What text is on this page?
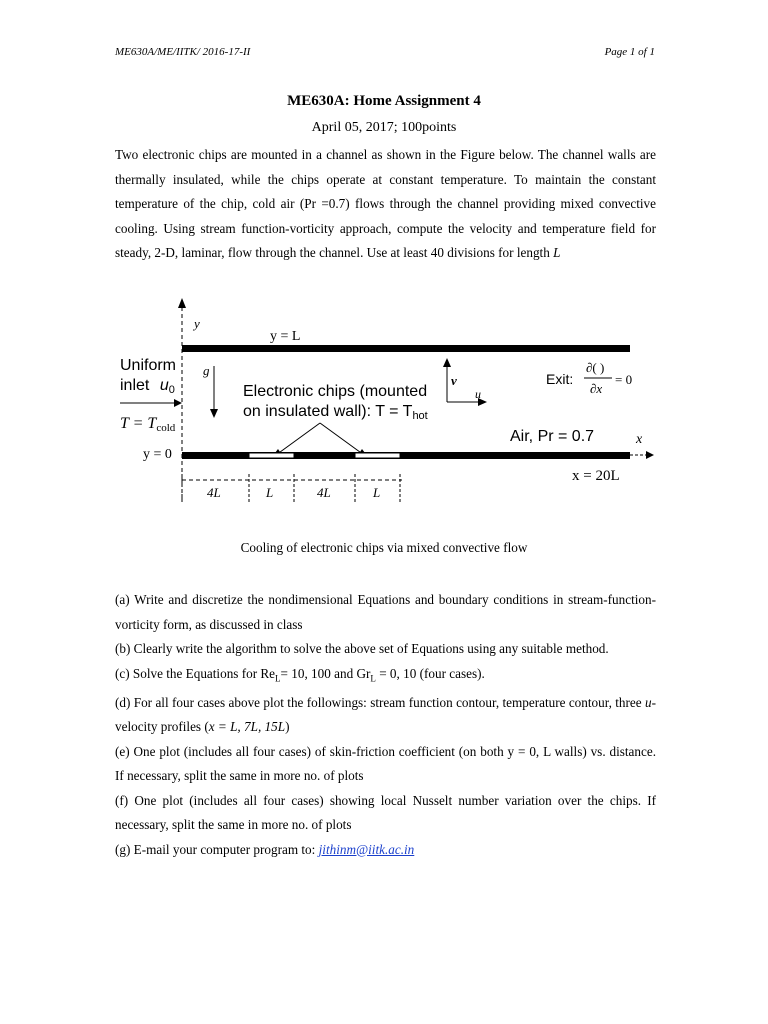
ME630A/ME/IITK/ 2016-17-II	Page 1 of 1
ME630A: Home Assignment 4
April 05, 2017; 100points
Two electronic chips are mounted in a channel as shown in the Figure below. The channel walls are thermally insulated, while the chips operate at constant temperature. To maintain the constant temperature of the chip, cold air (Pr =0.7) flows through the channel providing mixed convective cooling. Using stream function-vorticity approach, compute the velocity and temperature field for steady, 2-D, laminar, flow through the channel. Use at least 40 divisions for length L
y
y = L
Uniform
inlet u0
g
Electronic chips (mounted
on insulated wall): T = Thot
v
u
Exit:
∂( )
∂x
= 0
T = Tcold	Air, Pr = 0.7
y = 0
x
x = 20L
4L	L	4L	L
Cooling of electronic chips via mixed convective flow

(a) Write and discretize the nondimensional Equations and boundary conditions in stream-function-vorticity form, as discussed in class

(b) Clearly write the algorithm to solve the above set of Equations using any suitable method.

(c) Solve the Equations for $Re_L= 10$, 100 and $Gr_L = 0$, 10 (four cases).

(d) For all four cases above plot the followings: stream function contour, temperature contour, three u-velocity profiles (x = L, 7L, 15L)

(e) One plot (includes all four cases) of skin-friction coefficient (on both y = 0, L walls) vs. distance. If necessary, split the same in more no. of plots

(f) One plot (includes all four cases) showing local Nusselt number variation over the chips. If necessary, split the same in more no. of plots

(g) E-mail your computer program to: jithinm@iitk.ac.in
